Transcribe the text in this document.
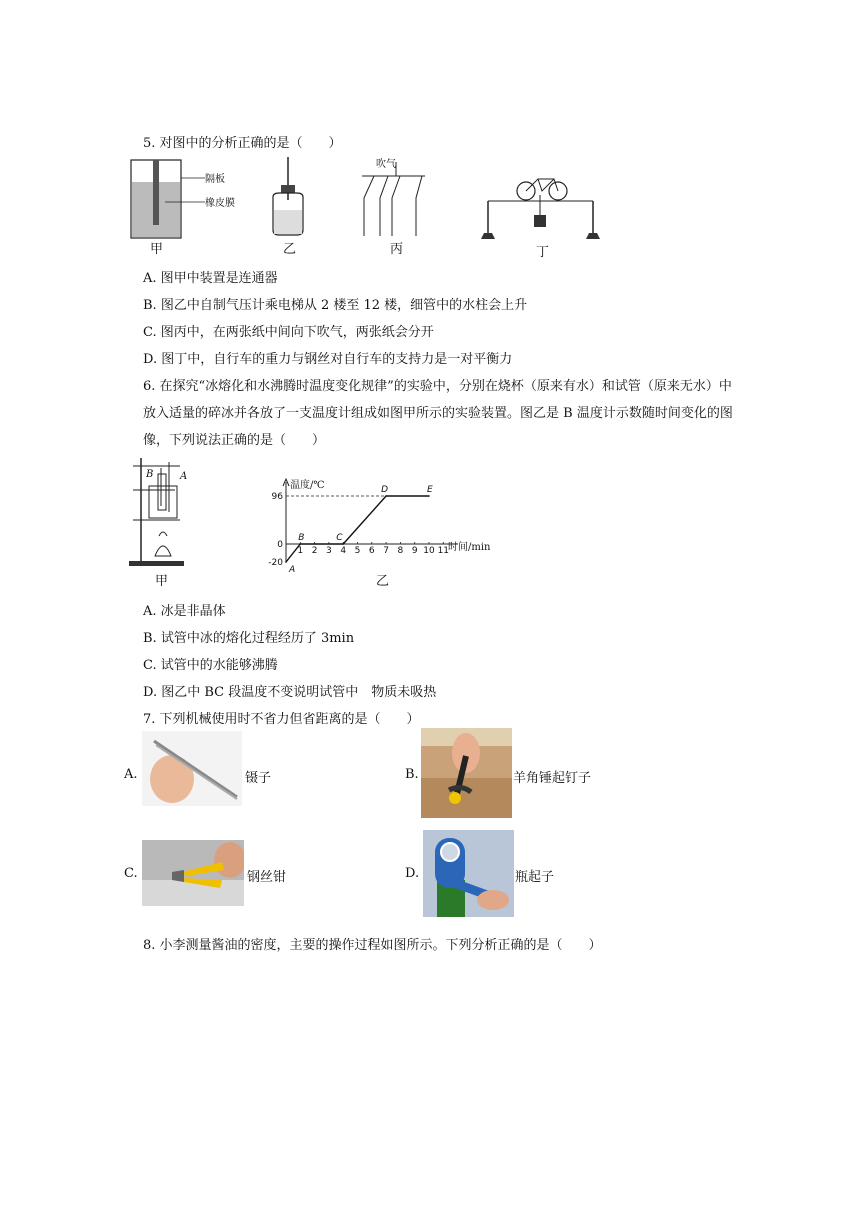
5. 对图中的分析正确的是（　　）
隔板
橡皮膜
甲	乙
吹气
丙	丁
A. 图甲中装置是连通器
B. 图乙中自制气压计乘电梯从 2 楼至 12 楼，细管中的水柱会上升
C. 图丙中，在两张纸中间向下吹气，两张纸会分开
D. 图丁中，自行车的重力与钢丝对自行车的支持力是一对平衡力
6. 在探究“冰熔化和水沸腾时温度变化规律”的实验中，分别在烧杯（原来有水）和试管（原来无水）中
放入适量的碎冰并各放了一支温度计组成如图甲所示的实验装置。图乙是 B 温度计示数随时间变化的图
像，下列说法正确的是（　　）
B	A
甲
1 2 3 4 5 6 7 8 9 10 11
96
0
-20
A
B	C
D	E
温度/℃
时间/min
乙
A. 冰是非晶体
B. 试管中冰的熔化过程经历了 3min
C. 试管中的水能够沸腾
D. 图乙中 BC 段温度不变说明试管中　物质未吸热
7. 下列机械使用时不省力但省距离的是（　　）
A.	镊子	B.	羊角锤起钉子
C.	钢丝钳	D.	瓶起子
8. 小李测量酱油的密度，主要的操作过程如图所示。下列分析正确的是（　　）
